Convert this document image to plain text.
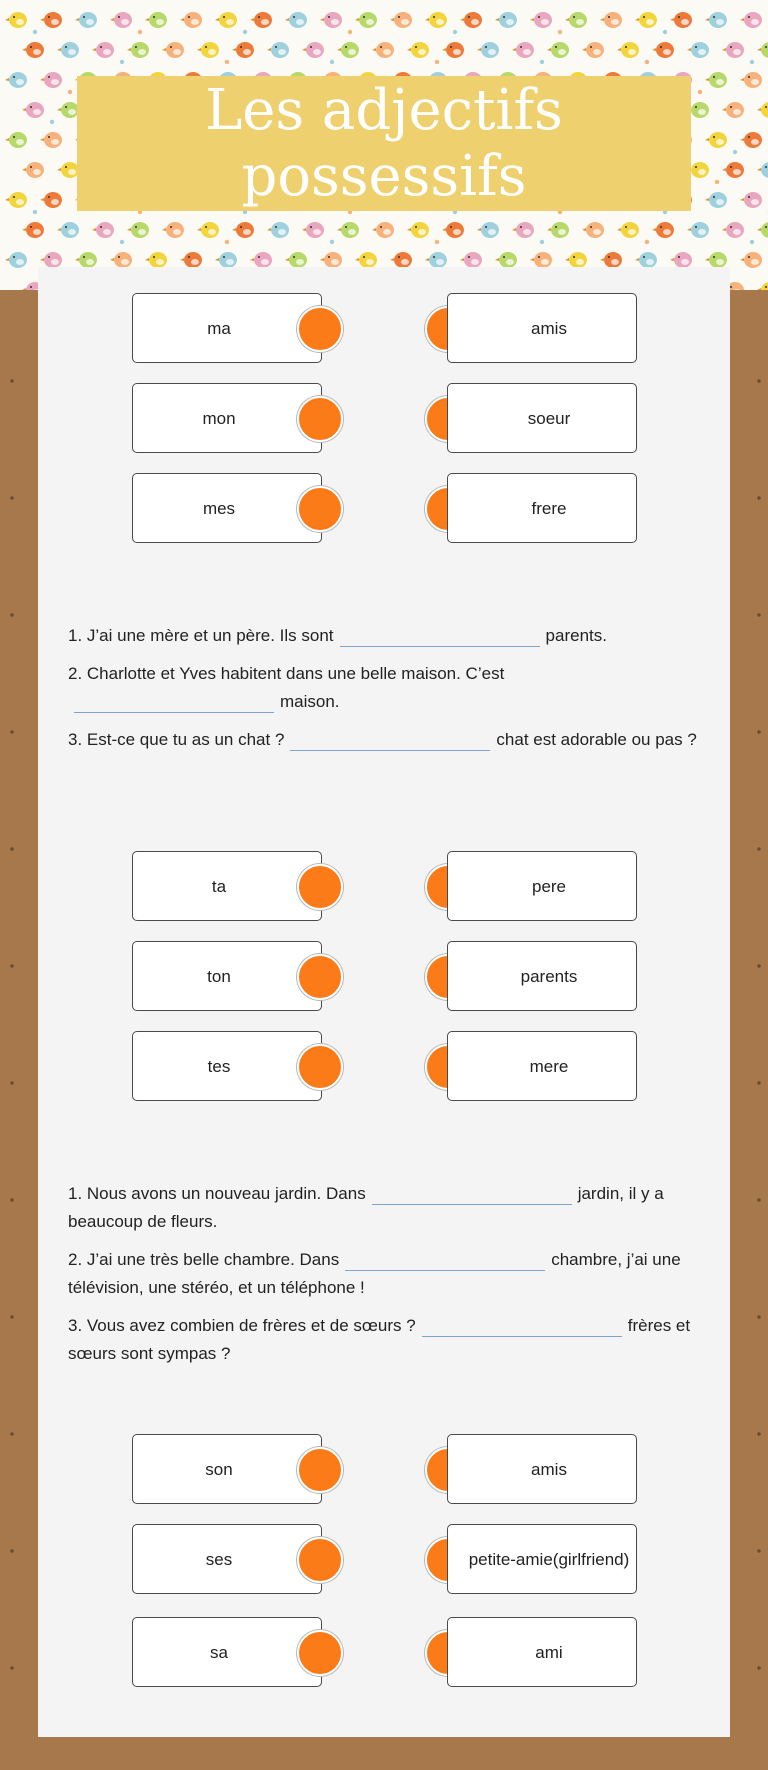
Les adjectifs possessifs
ma	amis
mon	soeur
mes	frere
1. J’ai une mère et un père. Ils sont	parents.
2. Charlotte et Yves habitent dans une belle maison. C’estmaison.
3. Est-ce que tu as un chat ?	chat est adorable ou pas ?
ta	pere
ton	parents
tes	mere
1. Nous avons un nouveau jardin. Dans	jardin, il y a beaucoup de fleurs.
2. J’ai une très belle chambre. Dans	chambre, j’ai une télévision, une stéréo, et un téléphone !
3. Vous avez combien de frères et de sœurs ?	frères et sœurs sont sympas ?
son	amis
ses	petite-amie(girlfriend)
sa	ami
